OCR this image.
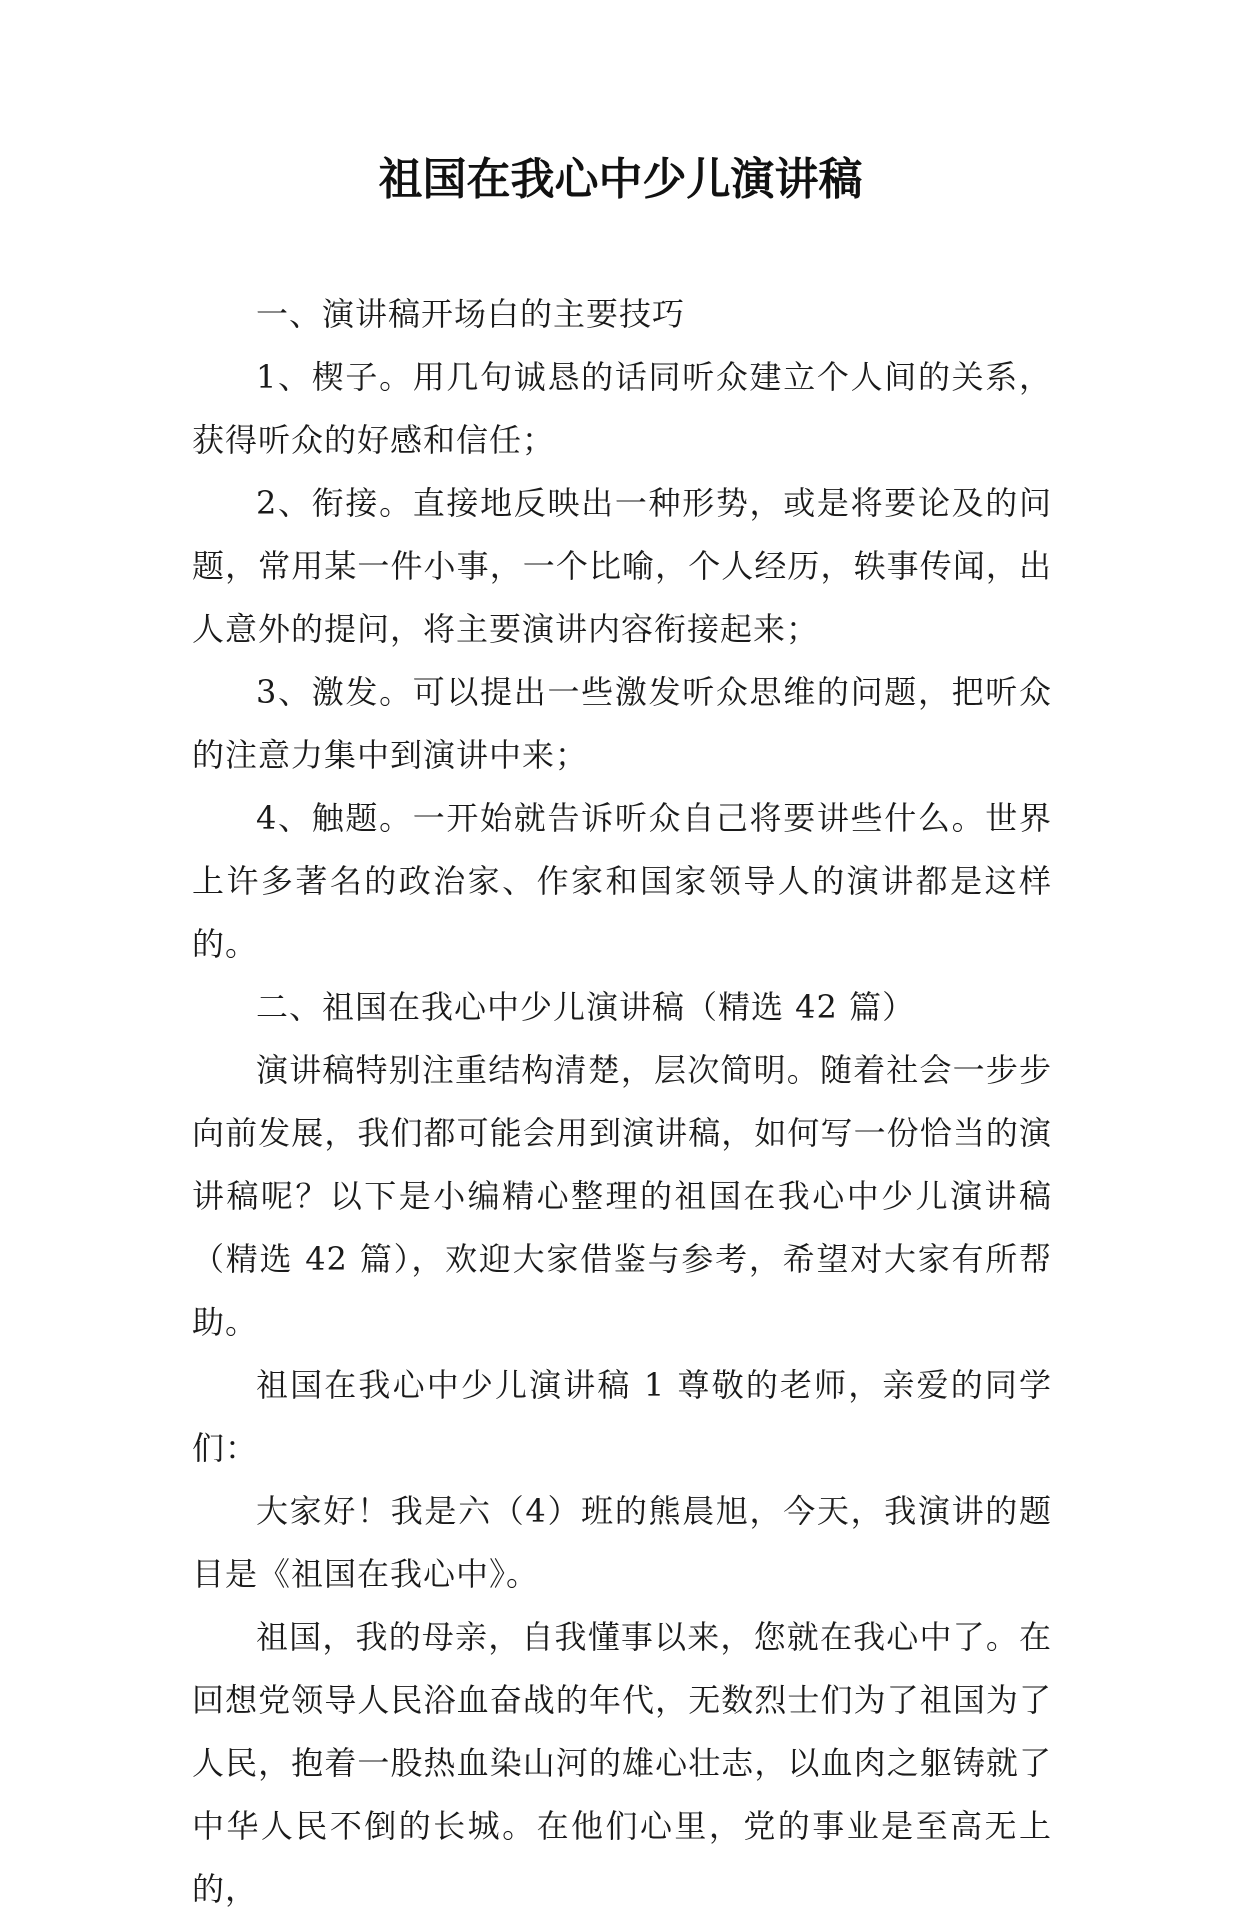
祖国在我心中少儿演讲稿

一、演讲稿开场白的主要技巧

1、楔子。用几句诚恳的话同听众建立个人间的关系，获得听众的好感和信任；

2、衔接。直接地反映出一种形势，或是将要论及的问题，常用某一件小事，一个比喻，个人经历，轶事传闻，出人意外的提问，将主要演讲内容衔接起来；

3、激发。可以提出一些激发听众思维的问题，把听众的注意力集中到演讲中来；

4、触题。一开始就告诉听众自己将要讲些什么。世界上许多著名的政治家、作家和国家领导人的演讲都是这样的。

二、祖国在我心中少儿演讲稿（精选 42 篇）

演讲稿特别注重结构清楚，层次简明。随着社会一步步向前发展，我们都可能会用到演讲稿，如何写一份恰当的演讲稿呢？以下是小编精心整理的祖国在我心中少儿演讲稿（精选 42 篇），欢迎大家借鉴与参考，希望对大家有所帮助。

祖国在我心中少儿演讲稿 1 尊敬的老师，亲爱的同学们：

大家好！我是六（4）班的熊晨旭，今天，我演讲的题目是《祖国在我心中》。

祖国，我的母亲，自我懂事以来，您就在我心中了。在回想党领导人民浴血奋战的年代，无数烈士们为了祖国为了人民，抱着一股热血染山河的雄心壮志，以血肉之躯铸就了中华人民不倒的长城。在他们心里，党的事业是至高无上的，
